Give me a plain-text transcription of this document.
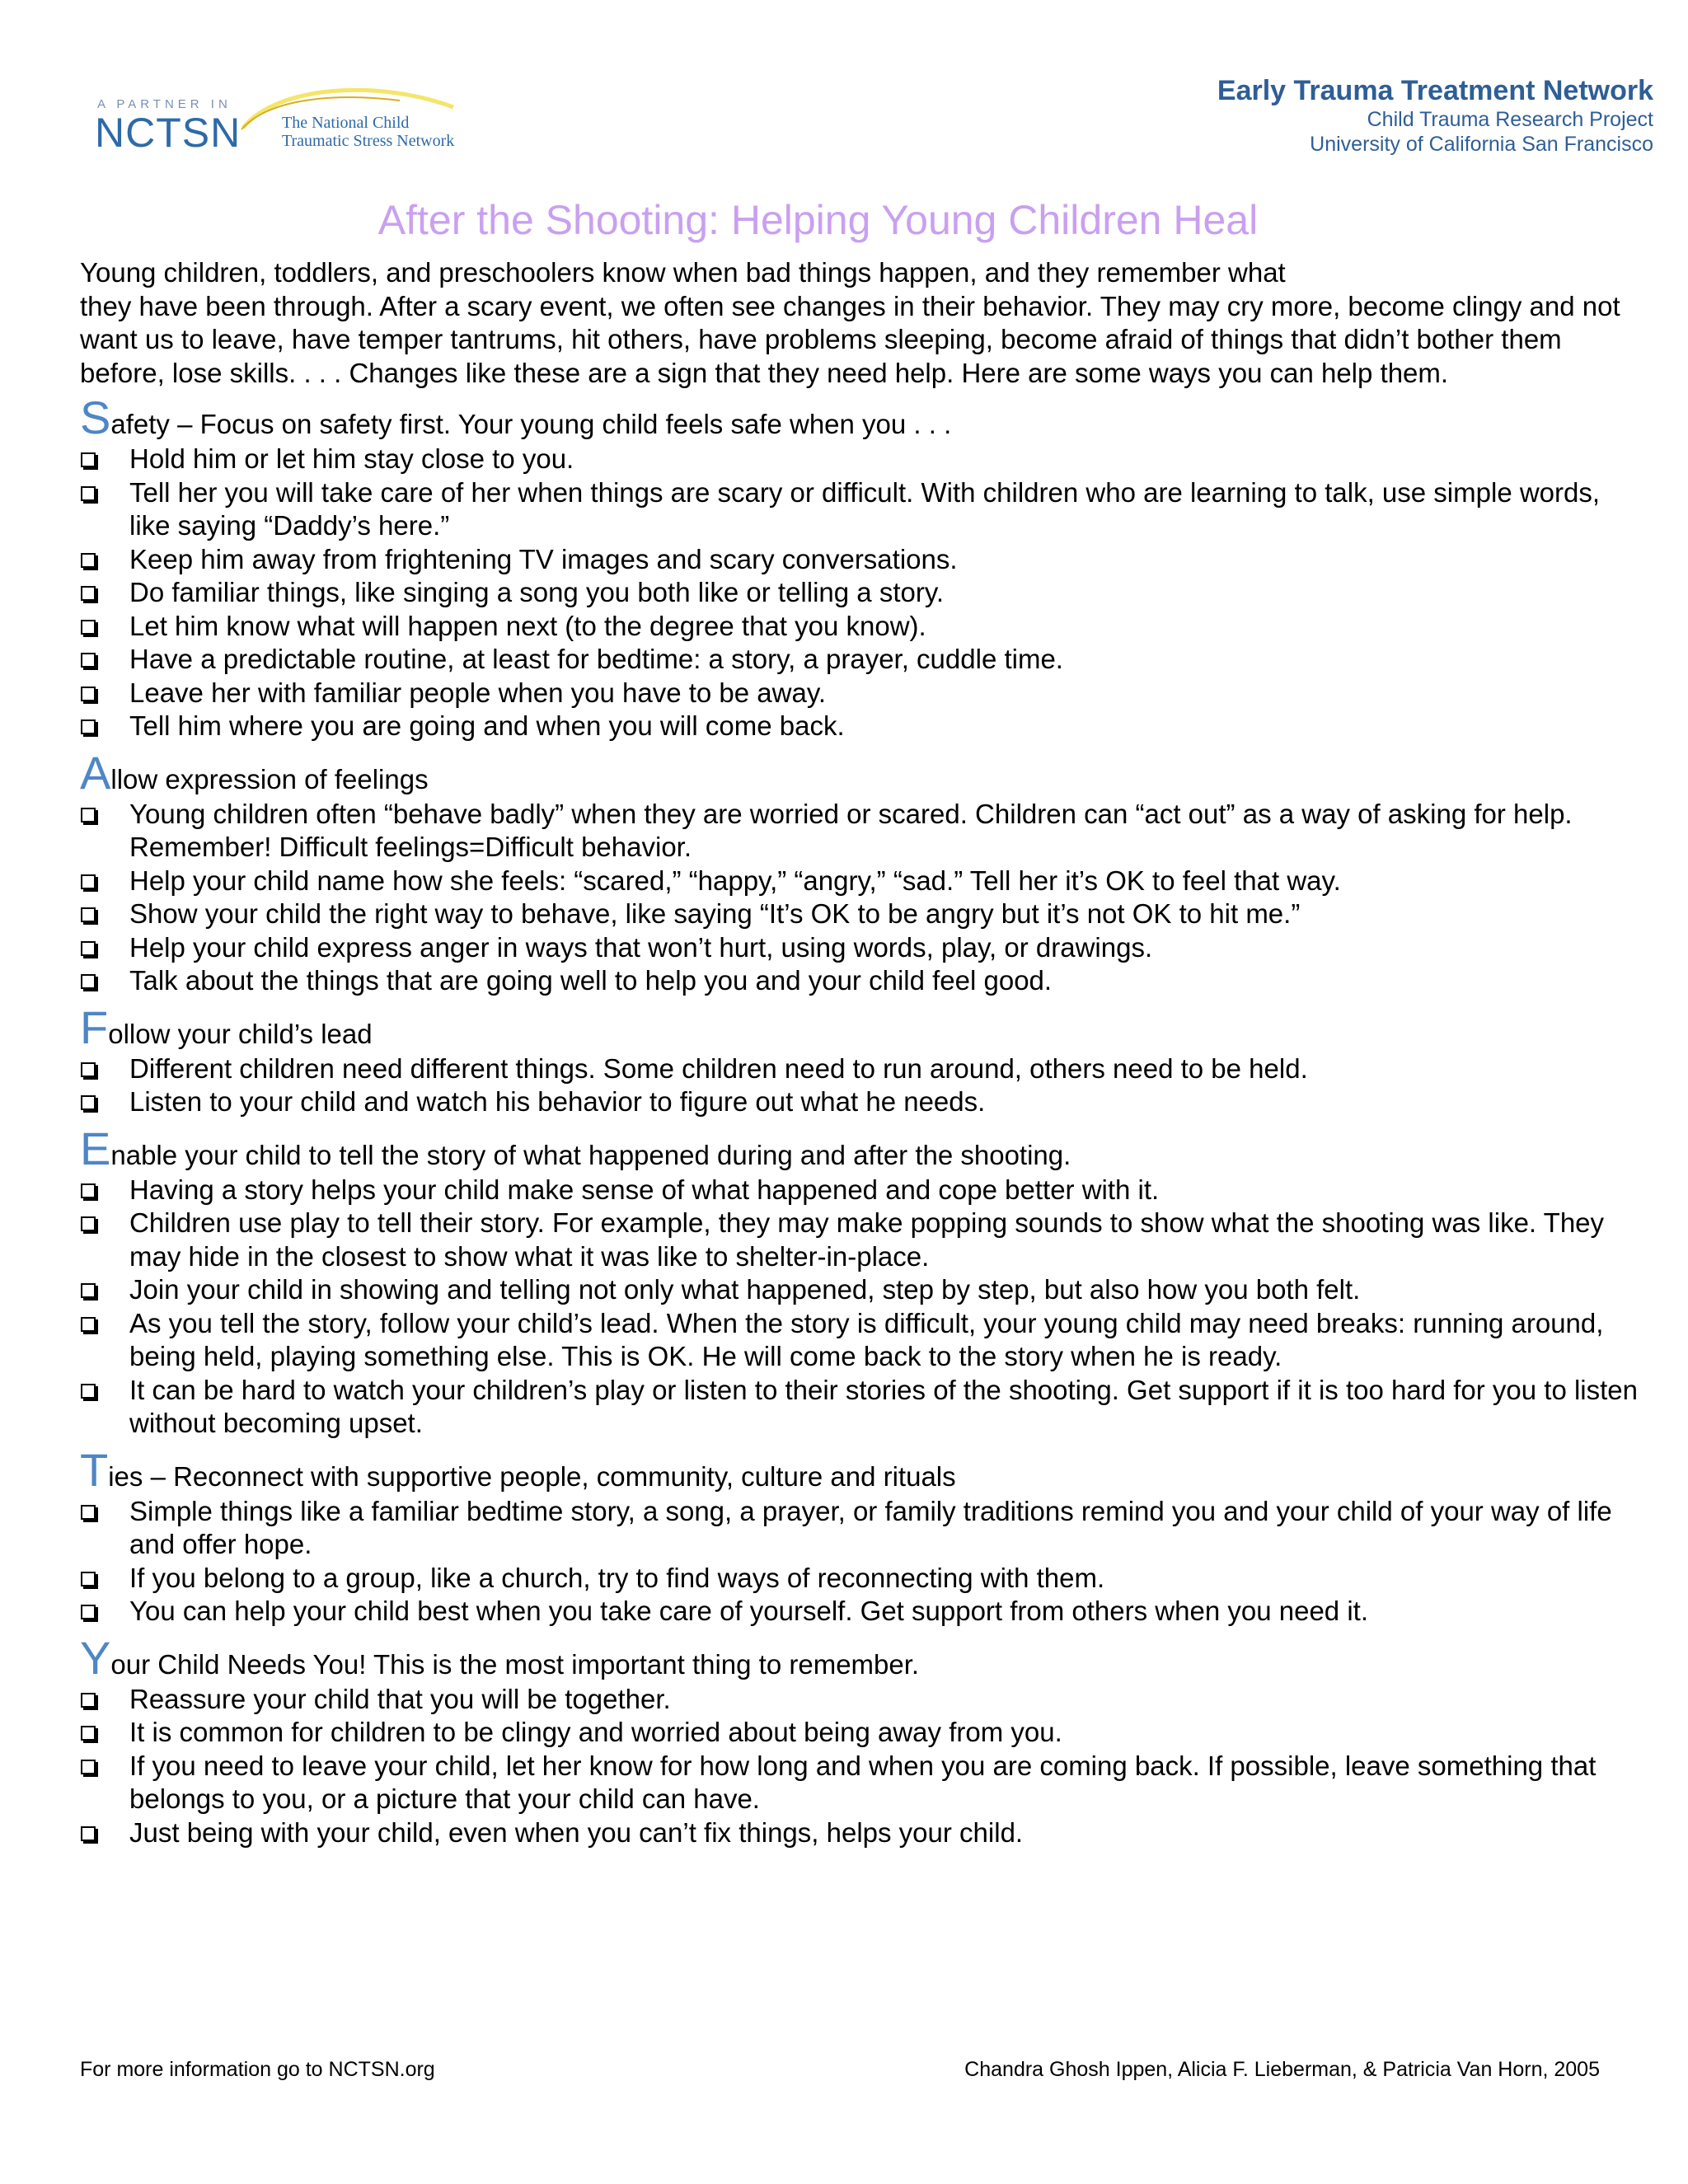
A PARTNER IN
NCTSN The National Child
Traumatic Stress Network
Early Trauma Treatment Network
Child Trauma Research Project
University of California San Francisco
After the Shooting: Helping Young Children Heal

Young children, toddlers, and preschoolers know when bad things happen, and they remember what
they have been through. After a scary event, we often see changes in their behavior. They may cry more, become clingy and not want us to leave, have temper tantrums, hit others, have problems sleeping, become afraid of things that didn’t bother them before, lose skills. . . . Changes like these are a sign that they need help. Here are some ways you can help them.

Safety – Focus on safety first. Your young child feels safe when you . . .
Hold him or let him stay close to you.
Tell her you will take care of her when things are scary or difficult. With children who are learning to talk, use simple words, like saying “Daddy’s here.”
Keep him away from frightening TV images and scary conversations.
Do familiar things, like singing a song you both like or telling a story.
Let him know what will happen next (to the degree that you know).
Have a predictable routine, at least for bedtime: a story, a prayer, cuddle time.
Leave her with familiar people when you have to be away.
Tell him where you are going and when you will come back.
Allow expression of feelings
Young children often “behave badly” when they are worried or scared. Children can “act out” as a way of asking for help. Remember! Difficult feelings=Difficult behavior.
Help your child name how she feels: “scared,” “happy,” “angry,” “sad.” Tell her it’s OK to feel that way.
Show your child the right way to behave, like saying “It’s OK to be angry but it’s not OK to hit me.”
Help your child express anger in ways that won’t hurt, using words, play, or drawings.
Talk about the things that are going well to help you and your child feel good.
Follow your child’s lead
Different children need different things. Some children need to run around, others need to be held.
Listen to your child and watch his behavior to figure out what he needs.
Enable your child to tell the story of what happened during and after the shooting.
Having a story helps your child make sense of what happened and cope better with it.
Children use play to tell their story. For example, they may make popping sounds to show what the shooting was like. They may hide in the closest to show what it was like to shelter-in-place.
Join your child in showing and telling not only what happened, step by step, but also how you both felt.
As you tell the story, follow your child’s lead. When the story is difficult, your young child may need breaks: running around, being held, playing something else. This is OK. He will come back to the story when he is ready.
It can be hard to watch your children’s play or listen to their stories of the shooting. Get support if it is too hard for you to listen without becoming upset.
Ties – Reconnect with supportive people, community, culture and rituals
Simple things like a familiar bedtime story, a song, a prayer, or family traditions remind you and your child of your way of life and offer hope.
If you belong to a group, like a church, try to find ways of reconnecting with them.
You can help your child best when you take care of yourself. Get support from others when you need it.
Your Child Needs You! This is the most important thing to remember.
Reassure your child that you will be together.
It is common for children to be clingy and worried about being away from you.
If you need to leave your child, let her know for how long and when you are coming back. If possible, leave something that belongs to you, or a picture that your child can have.
Just being with your child, even when you can’t fix things, helps your child.
For more information go to NCTSN.org	Chandra Ghosh Ippen, Alicia F. Lieberman, & Patricia Van Horn, 2005
